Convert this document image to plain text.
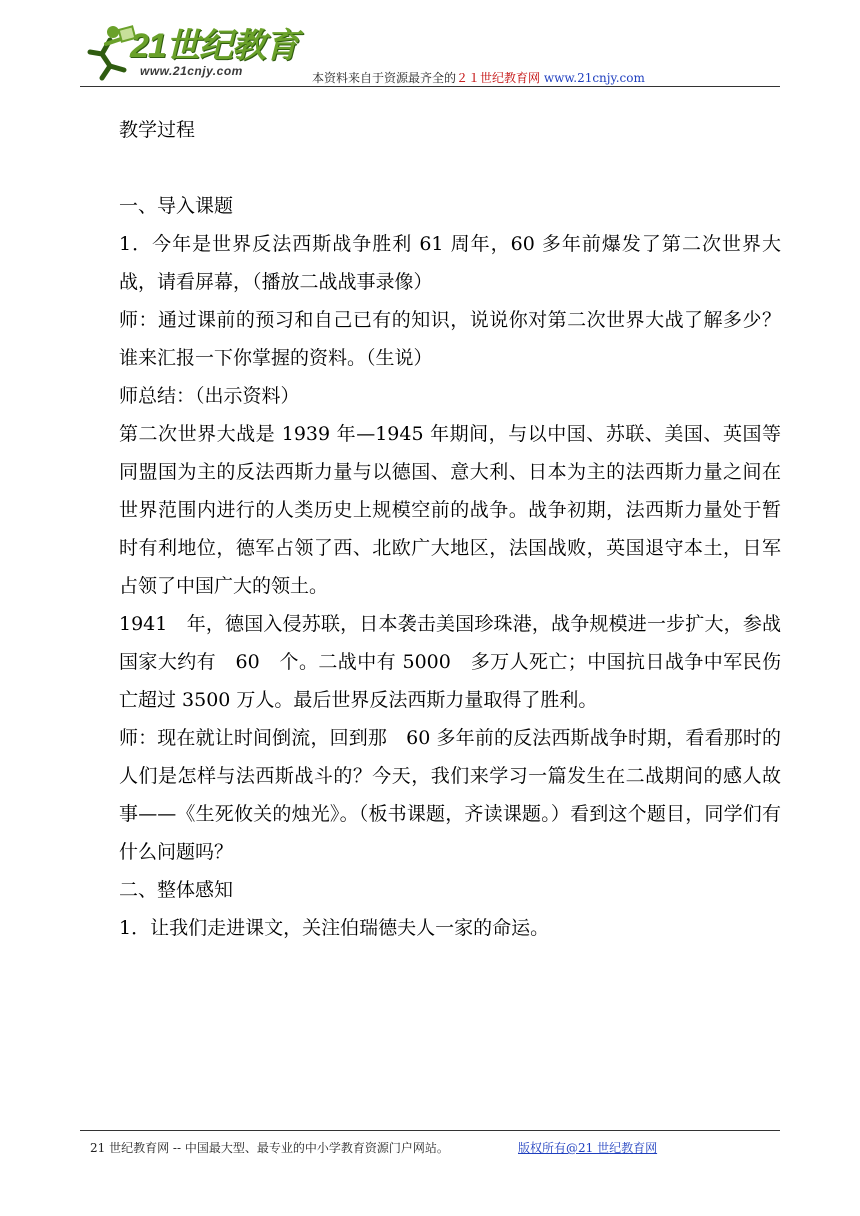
21世纪教育
www.21cnjy.com	本资料来自于资源最齐全的２１世纪教育网 www.21cnjy.com

教学过程

一、导入课题

1．今年是世界反法西斯战争胜利 61 周年，60 多年前爆发了第二次世界大战，请看屏幕，（播放二战战事录像）

师：通过课前的预习和自己已有的知识，说说你对第二次世界大战了解多少？谁来汇报一下你掌握的资料。（生说）

师总结：（出示资料）

第二次世界大战是 1939 年—1945 年期间，与以中国、苏联、美国、英国等同盟国为主的反法西斯力量与以德国、意大利、日本为主的法西斯力量之间在世界范围内进行的人类历史上规模空前的战争。战争初期，法西斯力量处于暂时有利地位，德军占领了西、北欧广大地区，法国战败，英国退守本土，日军占领了中国广大的领土。

1941　年，德国入侵苏联，日本袭击美国珍珠港，战争规模进一步扩大，参战国家大约有　60　个。二战中有 5000　多万人死亡；中国抗日战争中军民伤亡超过 3500 万人。最后世界反法西斯力量取得了胜利。

师：现在就让时间倒流，回到那　60 多年前的反法西斯战争时期，看看那时的人们是怎样与法西斯战斗的？今天，我们来学习一篇发生在二战期间的感人故事——《生死攸关的烛光》。（板书课题，齐读课题。）看到这个题目，同学们有什么问题吗？

二、整体感知

1．让我们走进课文，关注伯瑞德夫人一家的命运。

21 世纪教育网 -- 中国最大型、最专业的中小学教育资源门户网站。	版权所有@21 世纪教育网
